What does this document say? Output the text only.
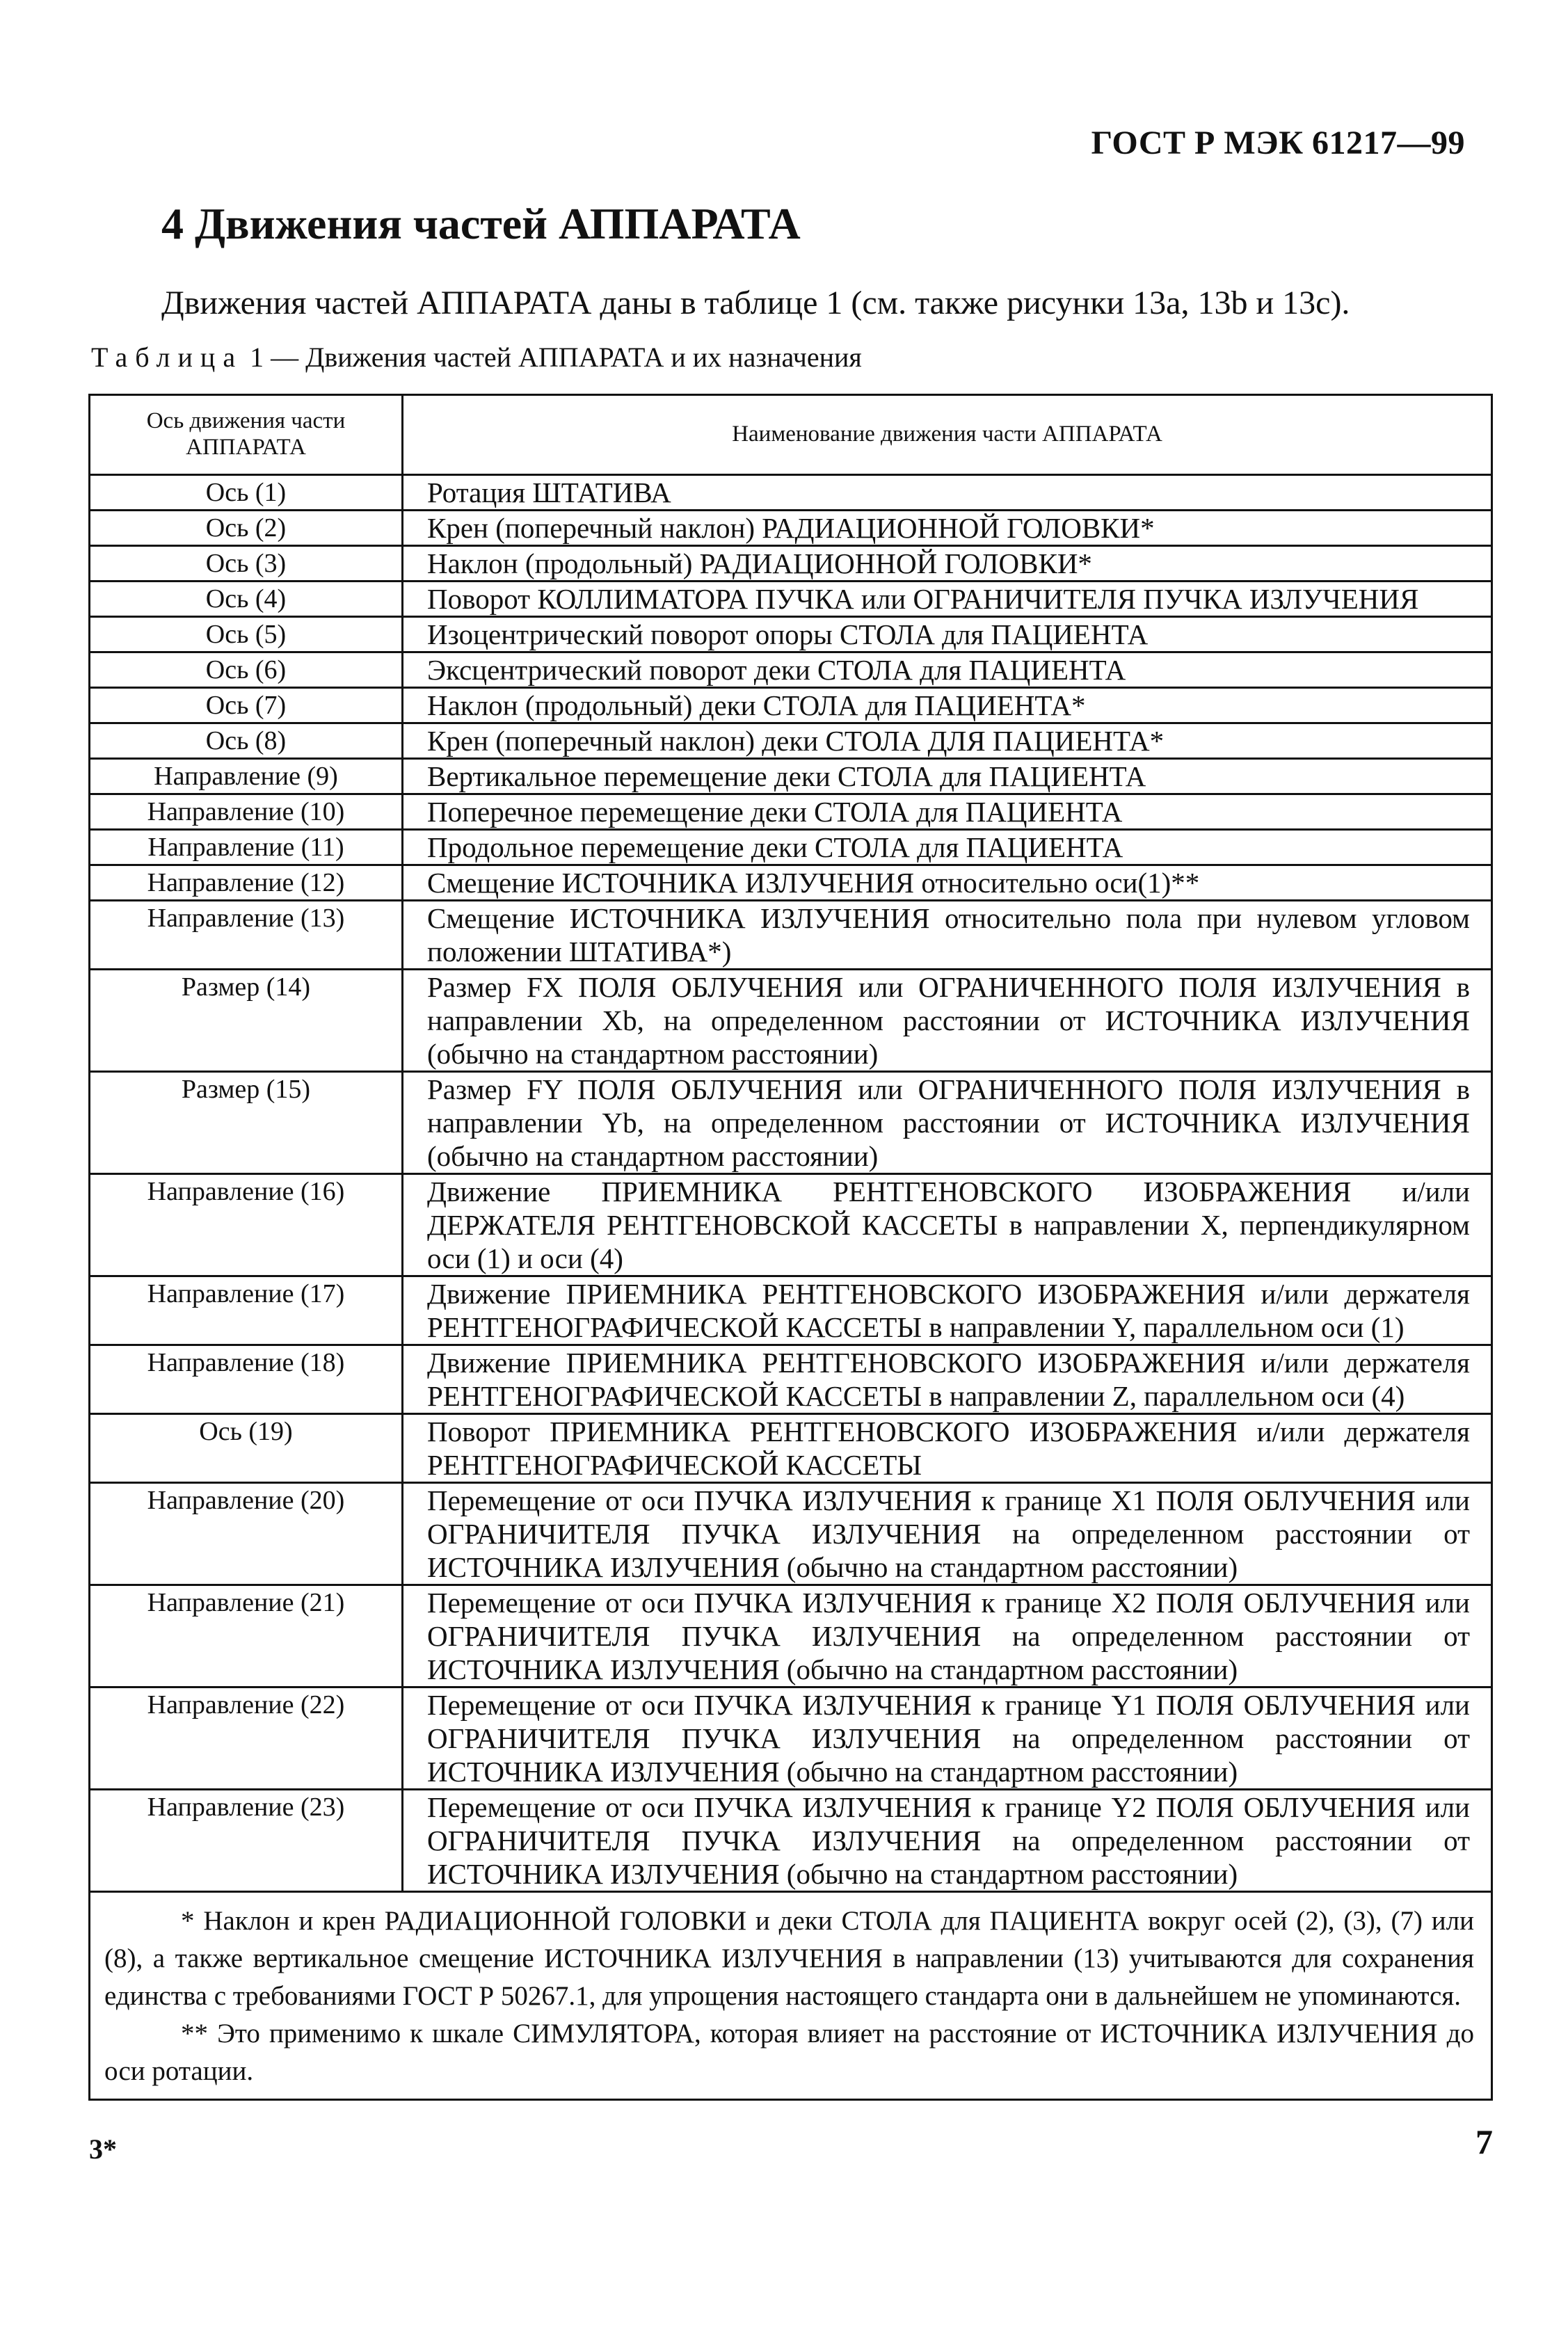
ГОСТ Р МЭК 61217—99
4 Движения частей АППАРАТА
Движения частей АППАРАТА даны в таблице 1 (см. также рисунки 13а, 13b и 13с).
Таблица 1 — Движения частей АППАРАТА и их назначения
Ось движения части АППАРАТА	Наименование движения части АППАРАТА
Ось (1)	Ротация ШТАТИВА
Ось (2)	Крен (поперечный наклон) РАДИАЦИОННОЙ ГОЛОВКИ*
Ось (3)	Наклон (продольный) РАДИАЦИОННОЙ ГОЛОВКИ*
Ось (4)	Поворот КОЛЛИМАТОРА ПУЧКА или ОГРАНИЧИТЕЛЯ ПУЧКА ИЗЛУЧЕНИЯ
Ось (5)	Изоцентрический поворот опоры СТОЛА для ПАЦИЕНТА
Ось (6)	Эксцентрический поворот деки СТОЛА для ПАЦИЕНТА
Ось (7)	Наклон (продольный) деки СТОЛА для ПАЦИЕНТА*
Ось (8)	Крен (поперечный наклон) деки СТОЛА ДЛЯ ПАЦИЕНТА*
Направление (9)	Вертикальное перемещение деки СТОЛА для ПАЦИЕНТА
Направление (10)	Поперечное перемещение деки СТОЛА для ПАЦИЕНТА
Направление (11)	Продольное перемещение деки СТОЛА для ПАЦИЕНТА
Направление (12)	Смещение ИСТОЧНИКА ИЗЛУЧЕНИЯ относительно оси(1)**
Направление (13)	Смещение ИСТОЧНИКА ИЗЛУЧЕНИЯ относительно пола при нулевом угловом положении ШТАТИВА*)
Размер (14)	Размер FX ПОЛЯ ОБЛУЧЕНИЯ или ОГРАНИЧЕННОГО ПОЛЯ ИЗЛУЧЕНИЯ в направлении Xb, на определенном расстоянии от ИСТОЧНИКА ИЗЛУЧЕНИЯ (обычно на стандартном расстоянии)
Размер (15)	Размер FY ПОЛЯ ОБЛУЧЕНИЯ или ОГРАНИЧЕННОГО ПОЛЯ ИЗЛУЧЕНИЯ в направлении Yb, на определенном расстоянии от ИСТОЧНИКА ИЗЛУЧЕНИЯ (обычно на стандартном расстоянии)
Направление (16)	Движение ПРИЕМНИКА РЕНТГЕНОВСКОГО ИЗОБРАЖЕНИЯ и/или ДЕРЖАТЕЛЯ РЕНТГЕНОВСКОЙ КАССЕТЫ в направлении X, перпендикулярном оси (1) и оси (4)
Направление (17)	Движение ПРИЕМНИКА РЕНТГЕНОВСКОГО ИЗОБРАЖЕНИЯ и/или держателя РЕНТГЕНОГРАФИЧЕСКОЙ КАССЕТЫ в направлении Y, параллельном оси (1)
Направление (18)	Движение ПРИЕМНИКА РЕНТГЕНОВСКОГО ИЗОБРАЖЕНИЯ и/или держателя РЕНТГЕНОГРАФИЧЕСКОЙ КАССЕТЫ в направлении Z, параллельном оси (4)
Ось (19)	Поворот ПРИЕМНИКА РЕНТГЕНОВСКОГО ИЗОБРАЖЕНИЯ и/или держателя РЕНТГЕНОГРАФИЧЕСКОЙ КАССЕТЫ
Направление (20)	Перемещение от оси ПУЧКА ИЗЛУЧЕНИЯ к границе X1 ПОЛЯ ОБЛУЧЕНИЯ или ОГРАНИЧИТЕЛЯ ПУЧКА ИЗЛУЧЕНИЯ на определенном расстоянии от ИСТОЧНИКА ИЗЛУЧЕНИЯ (обычно на стандартном расстоянии)
Направление (21)	Перемещение от оси ПУЧКА ИЗЛУЧЕНИЯ к границе X2 ПОЛЯ ОБЛУЧЕНИЯ или ОГРАНИЧИТЕЛЯ ПУЧКА ИЗЛУЧЕНИЯ на определенном расстоянии от ИСТОЧНИКА ИЗЛУЧЕНИЯ (обычно на стандартном расстоянии)
Направление (22)	Перемещение от оси ПУЧКА ИЗЛУЧЕНИЯ к границе Y1 ПОЛЯ ОБЛУЧЕНИЯ или ОГРАНИЧИТЕЛЯ ПУЧКА ИЗЛУЧЕНИЯ на определенном расстоянии от ИСТОЧНИКА ИЗЛУЧЕНИЯ (обычно на стандартном расстоянии)
Направление (23)	Перемещение от оси ПУЧКА ИЗЛУЧЕНИЯ к границе Y2 ПОЛЯ ОБЛУЧЕНИЯ или ОГРАНИЧИТЕЛЯ ПУЧКА ИЗЛУЧЕНИЯ на определенном расстоянии от ИСТОЧНИКА ИЗЛУЧЕНИЯ (обычно на стандартном расстоянии)

* Наклон и крен РАДИАЦИОННОЙ ГОЛОВКИ и деки СТОЛА для ПАЦИЕНТА вокруг осей (2), (3), (7) или (8), а также вертикальное смещение ИСТОЧНИКА ИЗЛУЧЕНИЯ в направлении (13) учитываются для сохранения единства с требованиями ГОСТ Р 50267.1, для упрощения настоящего стандарта они в дальнейшем не упоминаются.

** Это применимо к шкале СИМУЛЯТОРА, которая влияет на расстояние от ИСТОЧНИКА ИЗЛУЧЕНИЯ до оси ротации.	

3*	7
